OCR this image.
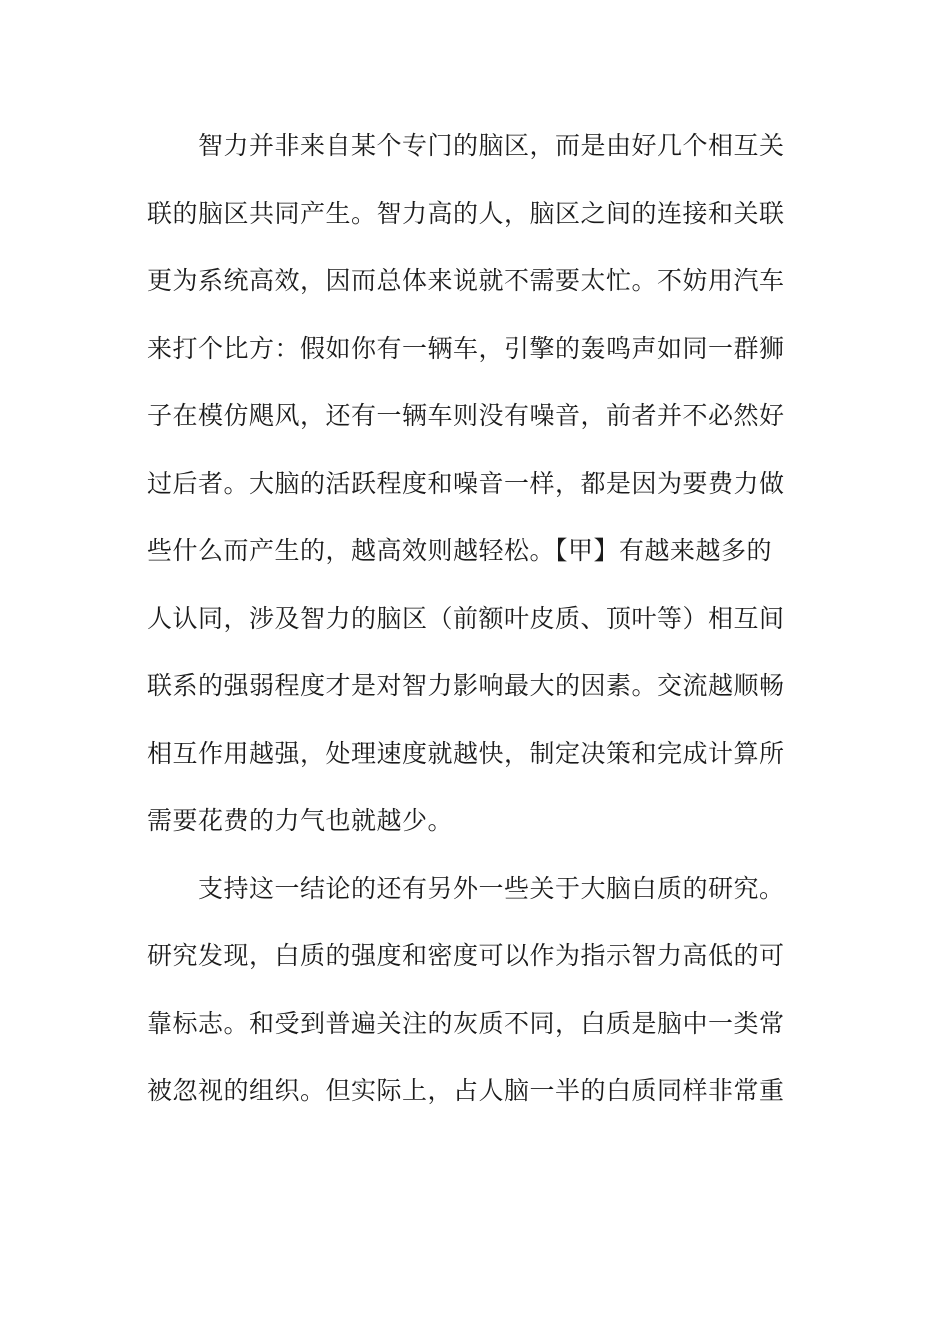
　　智力并非来自某个专门的脑区，而是由好几个相互关
联的脑区共同产生。智力高的人，脑区之间的连接和关联
更为系统高效，因而总体来说就不需要太忙。不妨用汽车
来打个比方：假如你有一辆车，引擎的轰鸣声如同一群狮
子在模仿飓风，还有一辆车则没有噪音，前者并不必然好
过后者。大脑的活跃程度和噪音一样，都是因为要费力做
些什么而产生的，越高效则越轻松。【甲】有越来越多的
人认同，涉及智力的脑区（前额叶皮质、顶叶等）相互间
联系的强弱程度才是对智力影响最大的因素。交流越顺畅
相互作用越强，处理速度就越快，制定决策和完成计算所
需要花费的力气也就越少。
　　支持这一结论的还有另外一些关于大脑白质的研究。
研究发现，白质的强度和密度可以作为指示智力高低的可
靠标志。和受到普遍关注的灰质不同，白质是脑中一类常
被忽视的组织。但实际上，占人脑一半的白质同样非常重
